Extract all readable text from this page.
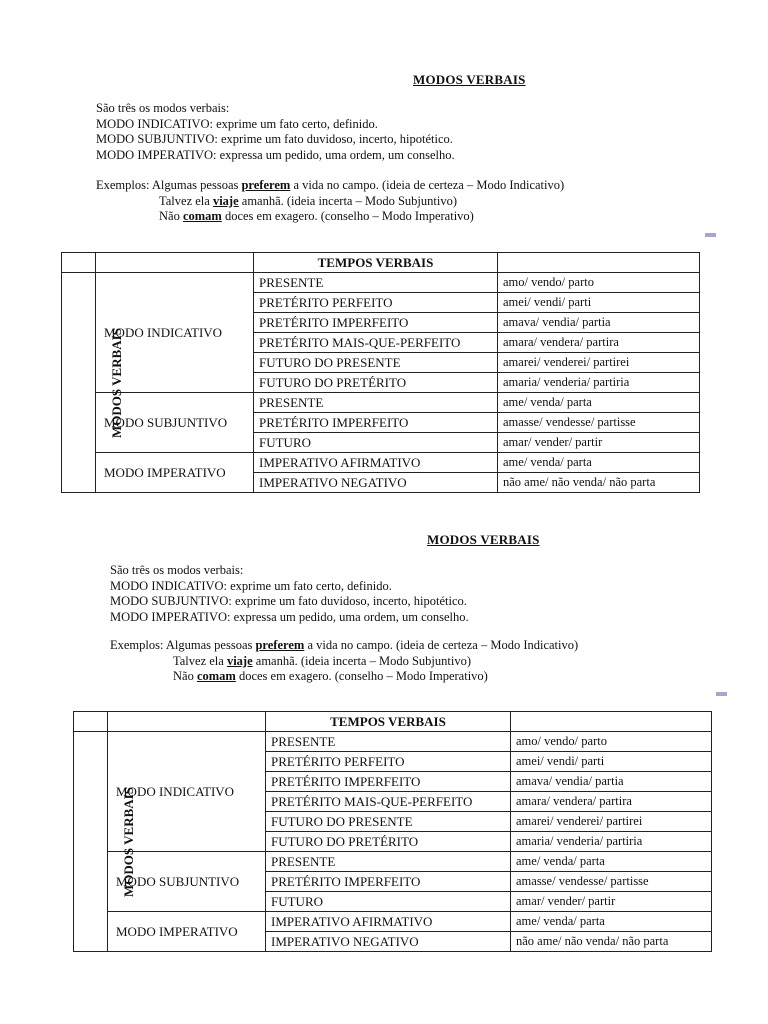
MODOS VERBAIS
São três os modos verbais:
MODO INDICATIVO: exprime um fato certo, definido.
MODO SUBJUNTIVO: exprime um fato duvidoso, incerto, hipotético.
MODO IMPERATIVO: expressa um pedido, uma ordem, um conselho.
Exemplos: Algumas pessoas preferem a vida no campo. (ideia de certeza – Modo Indicativo)
Talvez ela viaje amanhã. (ideia incerta – Modo Subjuntivo)
Não comam doces em exagero. (conselho – Modo Imperativo)
		TEMPOS VERBAIS	
MODOS VERBAIS	MODO INDICATIVO	PRESENTE	amo/ vendo/ parto
		PRETÉRITO PERFEITO	amei/ vendi/ parti
		PRETÉRITO IMPERFEITO	amava/ vendia/ partia
		PRETÉRITO MAIS-QUE-PERFEITO	amara/ vendera/ partira
		FUTURO DO PRESENTE	amarei/ venderei/ partirei
		FUTURO DO PRETÉRITO	amaria/ venderia/ partiria
	MODO SUBJUNTIVO	PRESENTE	ame/ venda/ parta
		PRETÉRITO IMPERFEITO	amasse/ vendesse/ partisse
		FUTURO	amar/ vender/ partir
	MODO IMPERATIVO	IMPERATIVO AFIRMATIVO	ame/ venda/ parta
		IMPERATIVO NEGATIVO	não ame/ não venda/ não parta
MODOS VERBAIS
São três os modos verbais:
MODO INDICATIVO: exprime um fato certo, definido.
MODO SUBJUNTIVO: exprime um fato duvidoso, incerto, hipotético.
MODO IMPERATIVO: expressa um pedido, uma ordem, um conselho.
Exemplos: Algumas pessoas preferem a vida no campo. (ideia de certeza – Modo Indicativo)
Talvez ela viaje amanhã. (ideia incerta – Modo Subjuntivo)
Não comam doces em exagero. (conselho – Modo Imperativo)
		TEMPOS VERBAIS	
MODOS VERBAIS	MODO INDICATIVO	PRESENTE	amo/ vendo/ parto
		PRETÉRITO PERFEITO	amei/ vendi/ parti
		PRETÉRITO IMPERFEITO	amava/ vendia/ partia
		PRETÉRITO MAIS-QUE-PERFEITO	amara/ vendera/ partira
		FUTURO DO PRESENTE	amarei/ venderei/ partirei
		FUTURO DO PRETÉRITO	amaria/ venderia/ partiria
	MODO SUBJUNTIVO	PRESENTE	ame/ venda/ parta
		PRETÉRITO IMPERFEITO	amasse/ vendesse/ partisse
		FUTURO	amar/ vender/ partir
	MODO IMPERATIVO	IMPERATIVO AFIRMATIVO	ame/ venda/ parta
		IMPERATIVO NEGATIVO	não ame/ não venda/ não parta
